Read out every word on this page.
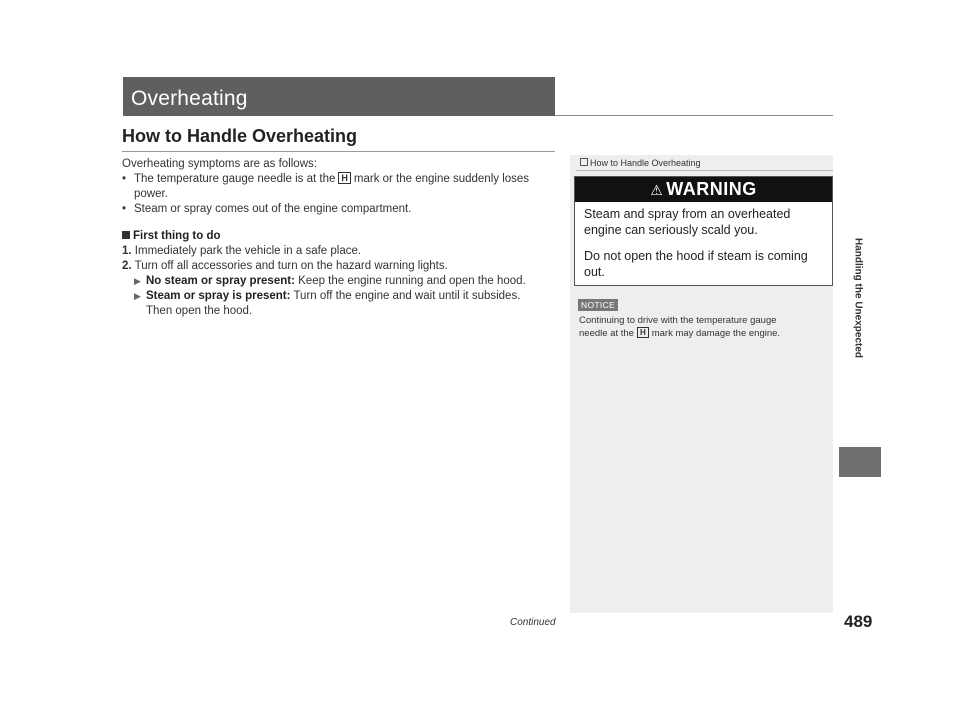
Overheating
How to Handle Overheating
Overheating symptoms are as follows:
• The temperature gauge needle is at the H mark or the engine suddenly loses
power.
• Steam or spray comes out of the engine compartment.
First thing to do
1. Immediately park the vehicle in a safe place.
2. Turn off all accessories and turn on the hazard warning lights.
▶ No steam or spray present: Keep the engine running and open the hood.
▶ Steam or spray is present: Turn off the engine and wait until it subsides.
Then open the hood.
How to Handle Overheating
⚠ WARNING

Steam and spray from an overheated engine can seriously scald you.

Do not open the hood if steam is coming out.

NOTICE
Continuing to drive with the temperature gauge
needle at the H mark may damage the engine.	Handling the Unexpected
Continued	489
